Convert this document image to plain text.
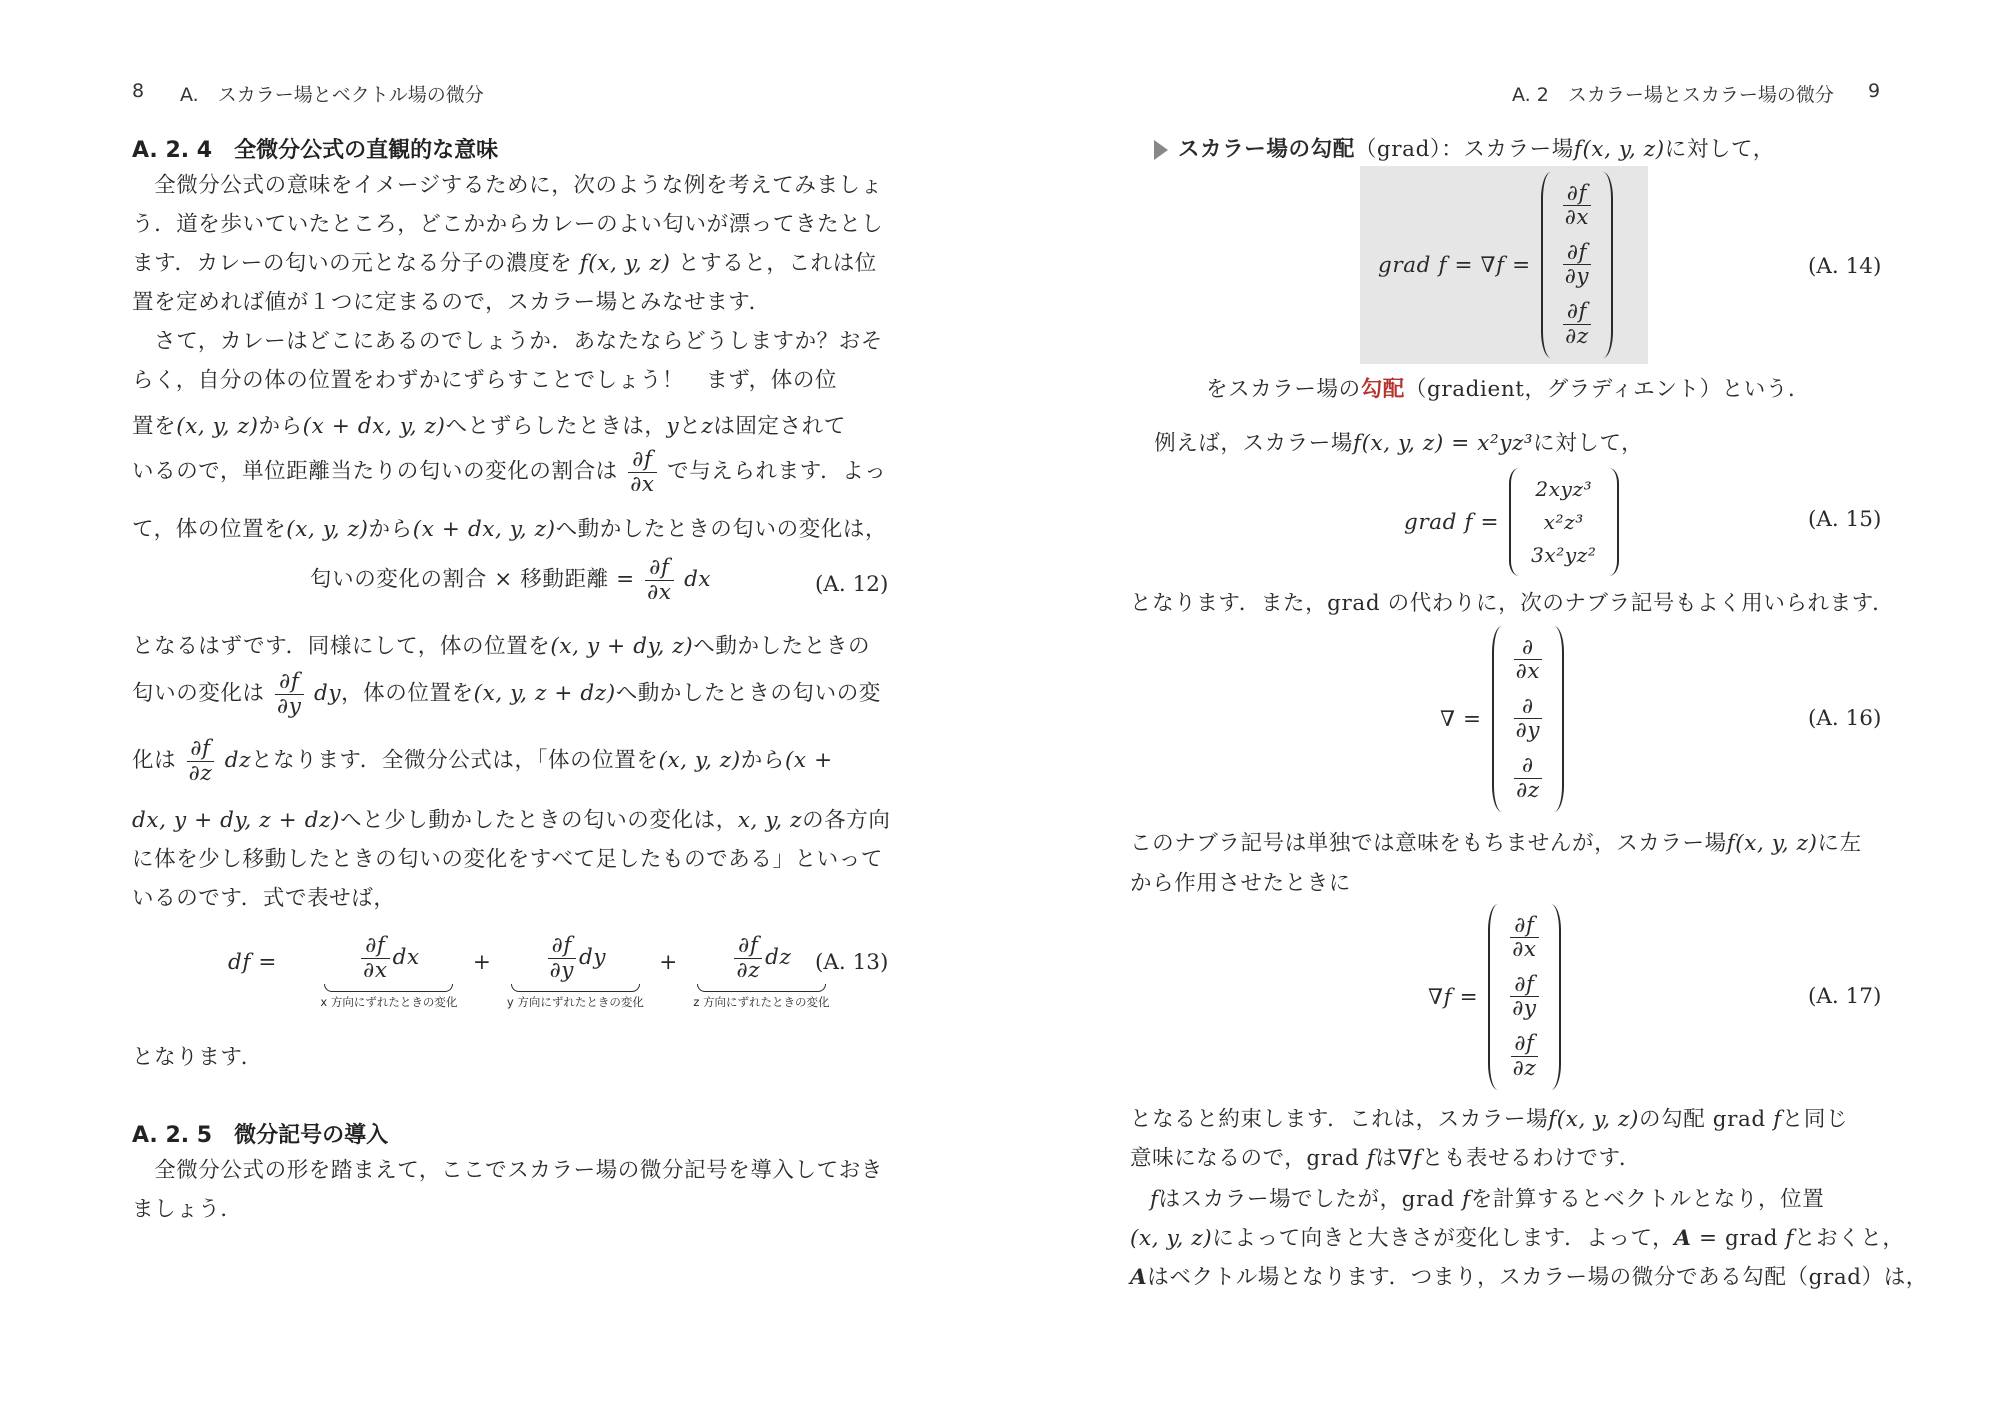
8 A.　スカラー場とベクトル場の微分
A. 2. 4　全微分公式の直観的な意味

　全微分公式の意味をイメージするために，次のような例を考えてみましょう．道を歩いていたところ，どこかからカレーのよい匂いが漂ってきたとします．カレーの匂いの元となる分子の濃度を f(x, y, z) とすると，これは位置を定めれば値が１つに定まるので，スカラー場とみなせます．

　さて，カレーはどこにあるのでしょうか．あなたならどうしますか？おそらく，自分の体の位置をわずかにずらすことでしょう！　まず，体の位

置を(x, y, z)から(x + dx, y, z)へとずらしたときは，yとzは固定されて
いるので，単位距離当たりの匂いの変化の割合は $\frac{\partial f}{\partial x}$ で与えられます．よっ
て，体の位置を(x, y, z)から(x + dx, y, z)へ動かしたときの匂いの変化は，
匂いの変化の割合 × 移動距離 = $\frac{\partial f}{\partial x}$ dx	(A. 12)
となるはずです．同様にして，体の位置を(x, y + dy, z)へ動かしたときの
匂いの変化は $\frac{\partial f}{\partial y}$ dy，体の位置を(x, y, z + dz)へ動かしたときの匂いの変
化は $\frac{\partial f}{\partial z}$ dzとなります．全微分公式は，「体の位置を(x, y, z)から(x +
dx, y + dy, z + dz)へと少し動かしたときの匂いの変化は，x, y, zの各方向
に体を少し移動したときの匂いの変化をすべて足したものである」といって
いるのです．式で表せば，
df =	$\frac{\partial f}{\partial x}$ dx
x 方向にずれたときの変化
+	$\frac{\partial f}{\partial y}$ dy
y 方向にずれたときの変化
+	$\frac{\partial f}{\partial z}$ dz
z 方向にずれたときの変化
(A. 13)
となります．
A. 2. 5　微分記号の導入

　全微分公式の形を踏まえて，ここでスカラー場の微分記号を導入しておきましょう．

A. 2　スカラー場とスカラー場の微分 9
スカラー場の勾配（grad）：スカラー場f(x, y, z)に対して，
grad f = ∇f =
$\frac{\partial f}{\partial x}$
$\frac{\partial f}{\partial y}$
$\frac{\partial f}{\partial z}$
(A. 14)
をスカラー場の勾配（gradient，グラディエント）という．
　例えば，スカラー場f(x, y, z) = x²yz³に対して，
grad f =
2xyz³
x²z³
3x²yz²
(A. 15)
となります．また，grad の代わりに，次のナブラ記号もよく用いられます．
∇ =
$\frac{\partial}{\partial x}$
$\frac{\partial}{\partial y}$
$\frac{\partial}{\partial z}$
(A. 16)
このナブラ記号は単独では意味をもちませんが，スカラー場f(x, y, z)に左
から作用させたときに
∇f =
$\frac{\partial f}{\partial x}$
$\frac{\partial f}{\partial y}$
$\frac{\partial f}{\partial z}$
(A. 17)
となると約束します．これは，スカラー場f(x, y, z)の勾配 grad fと同じ
意味になるので，grad fは∇fとも表せるわけです．
fはスカラー場でしたが，grad fを計算するとベクトルとなり，位置
(x, y, z)によって向きと大きさが変化します．よって，A = grad fとおくと，
Aはベクトル場となります．つまり，スカラー場の微分である勾配（grad）は，
